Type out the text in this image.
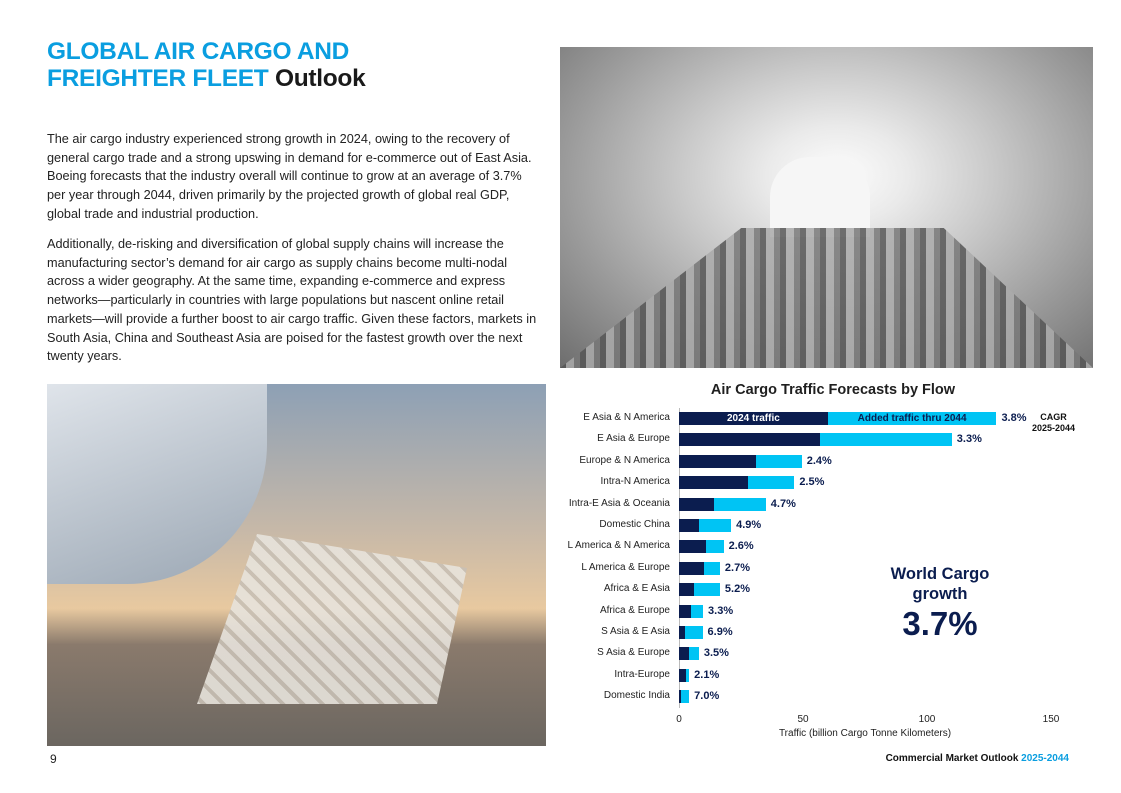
GLOBAL AIR CARGO AND FREIGHTER FLEET Outlook

The air cargo industry experienced strong growth in 2024, owing to the recovery of general cargo trade and a strong upswing in demand for e-commerce out of East Asia. Boeing forecasts that the industry overall will continue to grow at an average of 3.7% per year through 2044, driven primarily by the projected growth of global real GDP, global trade and industrial production.

Additionally, de-risking and diversification of global supply chains will increase the manufacturing sector’s demand for air cargo as supply chains become multi-nodal across a wider geography. At the same time, expanding e-commerce and express networks—particularly in countries with large populations but nascent online retail markets—will provide a further boost to air cargo traffic. Given these factors, markets in South Asia, China and Southeast Asia are poised for the fastest growth over the next twenty years.

Air Cargo Traffic Forecasts by Flow
CAGR
2025-2044
Traffic (billion Cargo Tonne Kilometers)
World Cargo
growth
3.7%
E Asia & N America	3.8%
2024 traffic	Added traffic thru 2044
E Asia & Europe	3.3%
Europe & N America	2.4%
Intra-N America	2.5%
Intra-E Asia & Oceania	4.7%
Domestic China	4.9%
L America & N America	2.6%
L America & Europe	2.7%
Africa & E Asia	5.2%
Africa & Europe	3.3%
S Asia & E Asia	6.9%
S Asia & Europe	3.5%
Intra-Europe 2.1%
Domestic India 7.0%
0	50	100	150
9	Commercial Market Outlook 2025-2044
